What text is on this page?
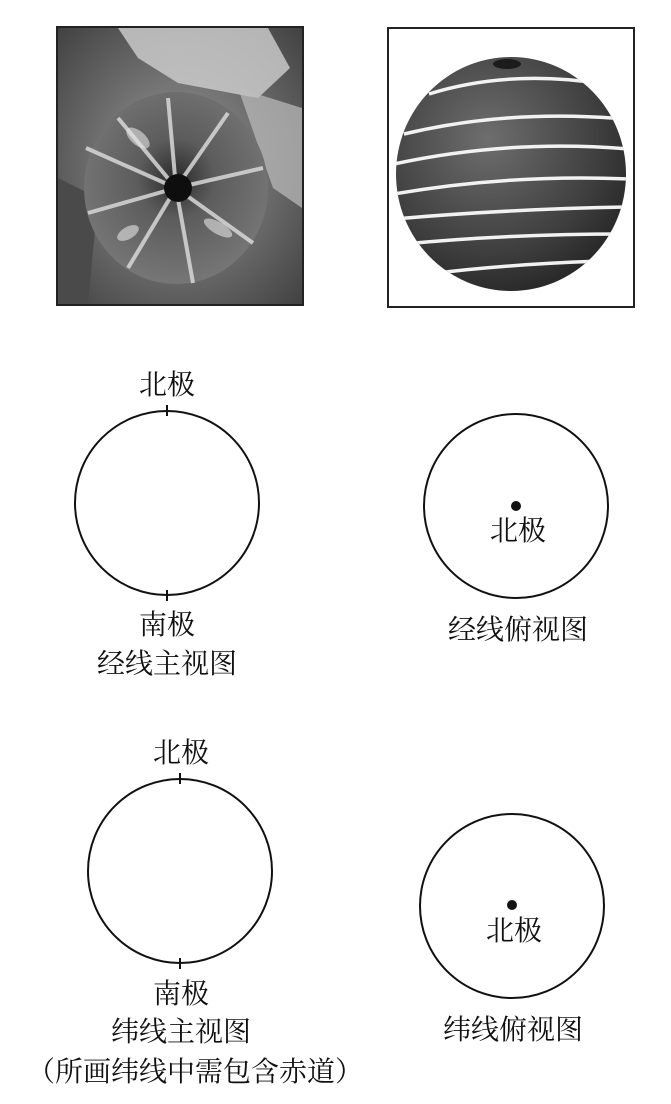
北极
南极
经线主视图
北极
经线俯视图
北极
南极
纬线主视图
（所画纬线中需包含赤道）
北极
纬线俯视图
